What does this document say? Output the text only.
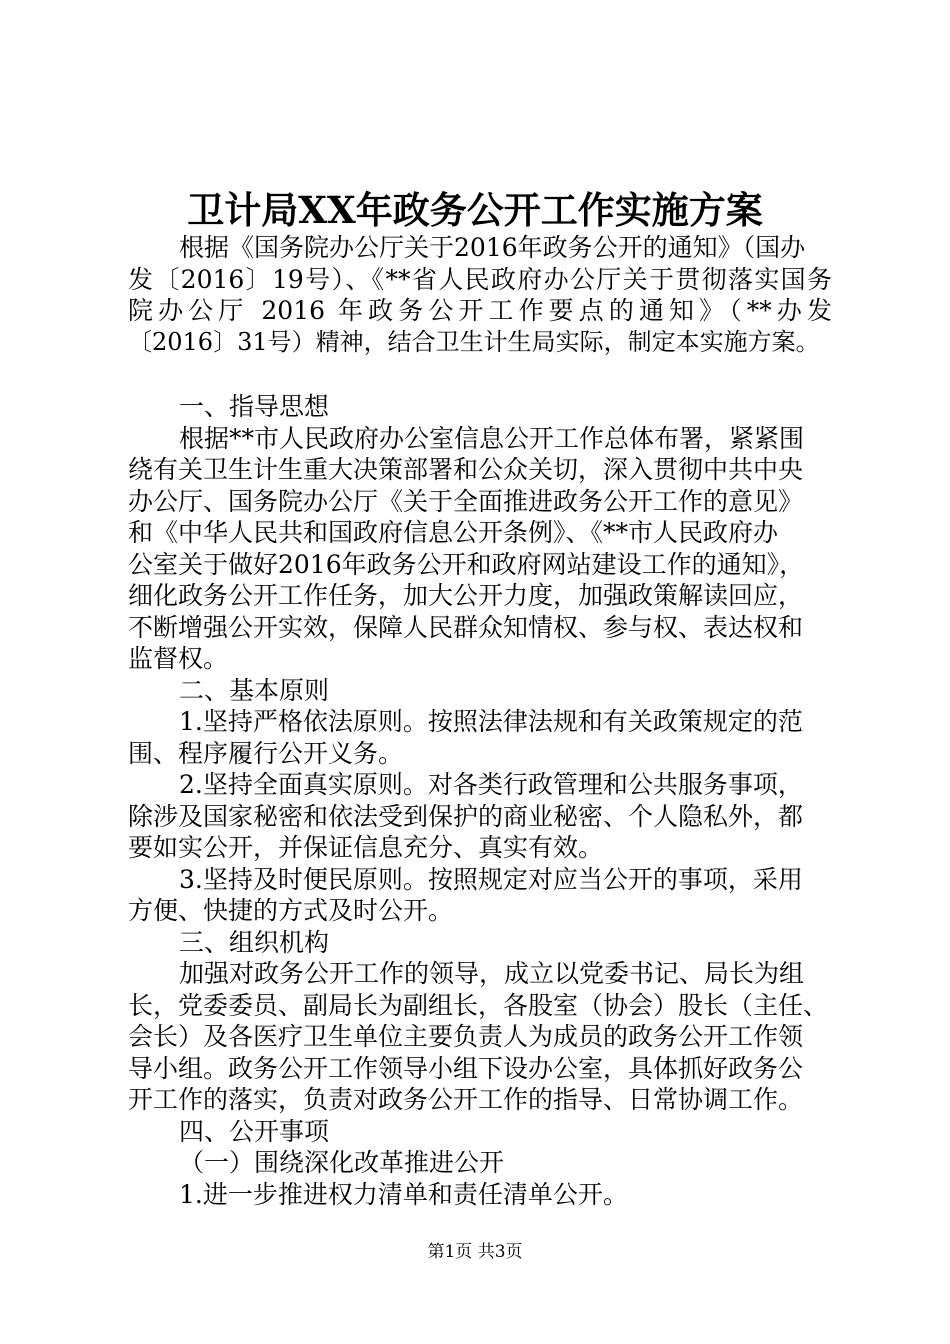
卫计局XX年政务公开工作实施方案
根据《国务院办公厅关于2016年政务公开的通知》（国办
发〔2016〕19号）、《**省人民政府办公厅关于贯彻落实国务
院办公厅 2016 年政务公开工作要点的通知》（**办发
〔2016〕31号）精神，结合卫生计生局实际，制定本实施方案。
一、指导思想
根据**市人民政府办公室信息公开工作总体布署，紧紧围
绕有关卫生计生重大决策部署和公众关切，深入贯彻中共中央
办公厅、国务院办公厅《关于全面推进政务公开工作的意见》
和《中华人民共和国政府信息公开条例》、《**市人民政府办
公室关于做好2016年政务公开和政府网站建设工作的通知》，
细化政务公开工作任务，加大公开力度，加强政策解读回应，
不断增强公开实效，保障人民群众知情权、参与权、表达权和
监督权。
二、基本原则
1.坚持严格依法原则。按照法律法规和有关政策规定的范
围、程序履行公开义务。
2.坚持全面真实原则。对各类行政管理和公共服务事项，
除涉及国家秘密和依法受到保护的商业秘密、个人隐私外，都
要如实公开，并保证信息充分、真实有效。
3.坚持及时便民原则。按照规定对应当公开的事项，采用
方便、快捷的方式及时公开。
三、组织机构
加强对政务公开工作的领导，成立以党委书记、局长为组
长，党委委员、副局长为副组长，各股室（协会）股长（主任、
会长）及各医疗卫生单位主要负责人为成员的政务公开工作领
导小组。政务公开工作领导小组下设办公室，具体抓好政务公
开工作的落实，负责对政务公开工作的指导、日常协调工作。
四、公开事项
（一）围绕深化改革推进公开
1.进一步推进权力清单和责任清单公开。
第1页 共3页
